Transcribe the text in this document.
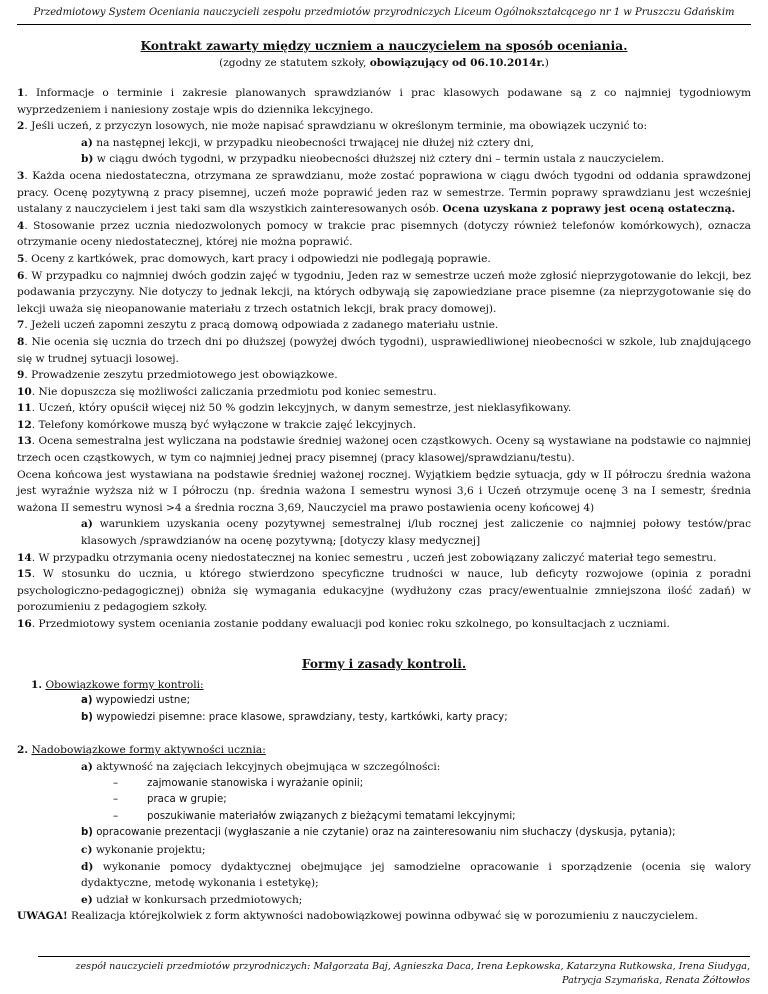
Przedmiotowy System Oceniania nauczycieli zespołu przedmiotów przyrodniczych Liceum Ogólnokształcącego nr 1 w Pruszczu Gdańskim
Kontrakt zawarty między uczniem a nauczycielem na sposób oceniania.
(zgodny ze statutem szkoły, obowiązujący od 06.10.2014r.)

1. Informacje o terminie i zakresie planowanych sprawdzianów i prac klasowych podawane są z co najmniej tygodniowym wyprzedzeniem i naniesiony zostaje wpis do dziennika lekcyjnego.

2. Jeśli uczeń, z przyczyn losowych, nie może napisać sprawdzianu w określonym terminie, ma obowiązek uczynić to:

a) na następnej lekcji, w przypadku nieobecności trwającej nie dłużej niż cztery dni,

b) w ciągu dwóch tygodni, w przypadku nieobecności dłuższej niż cztery dni – termin ustala z nauczycielem.

3. Każda ocena niedostateczna, otrzymana ze sprawdzianu, może zostać poprawiona w ciągu dwóch tygodni od oddania sprawdzonej pracy. Ocenę pozytywną z pracy pisemnej, uczeń może poprawić jeden raz w semestrze. Termin poprawy sprawdzianu jest wcześniej ustalany z nauczycielem i jest taki sam dla wszystkich zainteresowanych osób. Ocena uzyskana z poprawy jest oceną ostateczną.

4. Stosowanie przez ucznia niedozwolonych pomocy w trakcie prac pisemnych (dotyczy również telefonów komórkowych), oznacza otrzymanie oceny niedostatecznej, której nie można poprawić.

5. Oceny z kartkówek, prac domowych, kart pracy i odpowiedzi nie podlegają poprawie.

6. W przypadku co najmniej dwóch godzin zajęć w tygodniu, Jeden raz w semestrze uczeń może zgłosić nieprzygotowanie do lekcji, bez podawania przyczyny. Nie dotyczy to jednak lekcji, na których odbywają się zapowiedziane prace pisemne (za nieprzygotowanie się do lekcji uważa się nieopanowanie materiału z trzech ostatnich lekcji, brak pracy domowej).

7. Jeżeli uczeń zapomni zeszytu z pracą domową odpowiada z zadanego materiału ustnie.

8. Nie ocenia się ucznia do trzech dni po dłuższej (powyżej dwóch tygodni), usprawiedliwionej nieobecności w szkole, lub znajdującego się w trudnej sytuacji losowej.

9. Prowadzenie zeszytu przedmiotowego jest obowiązkowe.

10. Nie dopuszcza się możliwości zaliczania przedmiotu pod koniec semestru.

11. Uczeń, który opuścił więcej niż 50 % godzin lekcyjnych, w danym semestrze, jest nieklasyfikowany.

12. Telefony komórkowe muszą być wyłączone w trakcie zajęć lekcyjnych.

13. Ocena semestralna jest wyliczana na podstawie średniej ważonej ocen cząstkowych. Oceny są wystawiane na podstawie co najmniej trzech ocen cząstkowych, w tym co najmniej jednej pracy pisemnej (pracy klasowej/sprawdzianu/testu).

Ocena końcowa jest wystawiana na podstawie średniej ważonej rocznej. Wyjątkiem będzie sytuacja, gdy w II półroczu średnia ważona jest wyraźnie wyższa niż w I półroczu (np. średnia ważona I semestru wynosi 3,6 i Uczeń otrzymuje ocenę 3 na I semestr, średnia ważona II semestru wynosi >4 a średnia roczna 3,69, Nauczyciel ma prawo postawienia oceny końcowej 4)

a) warunkiem uzyskania oceny pozytywnej semestralnej i/lub rocznej jest zaliczenie co najmniej połowy testów/prac klasowych /sprawdzianów na ocenę pozytywną; [dotyczy klasy medycznej]

14. W przypadku otrzymania oceny niedostatecznej na koniec semestru , uczeń jest zobowiązany zaliczyć materiał tego semestru.

15. W stosunku do ucznia, u którego stwierdzono specyficzne trudności w nauce, lub deficyty rozwojowe (opinia z poradni psychologiczno-pedagogicznej) obniża się wymagania edukacyjne (wydłużony czas pracy/ewentualnie zmniejszona ilość zadań) w porozumieniu z pedagogiem szkoły.

16. Przedmiotowy system oceniania zostanie poddany ewaluacji pod koniec roku szkolnego, po konsultacjach z uczniami.

Formy i zasady kontroli.

1. Obowiązkowe formy kontroli:

a) wypowiedzi ustne;

b) wypowiedzi pisemne: prace klasowe, sprawdziany, testy, kartkówki, karty pracy;

2. Nadobowiązkowe formy aktywności ucznia:

a) aktywność na zajęciach lekcyjnych obejmująca w szczególności:

–	zajmowanie stanowiska i wyrażanie opinii;

–	praca w grupie;

–	poszukiwanie materiałów związanych z bieżącymi tematami lekcyjnymi;

b) opracowanie prezentacji (wygłaszanie a nie czytanie) oraz na zainteresowaniu nim słuchaczy (dyskusja, pytania);

c) wykonanie projektu;

d) wykonanie pomocy dydaktycznej obejmujące jej samodzielne opracowanie i sporządzenie (ocenia się walory dydaktyczne, metodę wykonania i estetykę);

e) udział w konkursach przedmiotowych;

UWAGA! Realizacja którejkolwiek z form aktywności nadobowiązkowej powinna odbywać się w porozumieniu z nauczycielem.

zespół nauczycieli przedmiotów przyrodniczych: Małgorzata Baj, Agnieszka Daca, Irena Łepkowska, Katarzyna Rutkowska, Irena Siudyga,
Patrycja Szymańska, Renata Żółtowłos
